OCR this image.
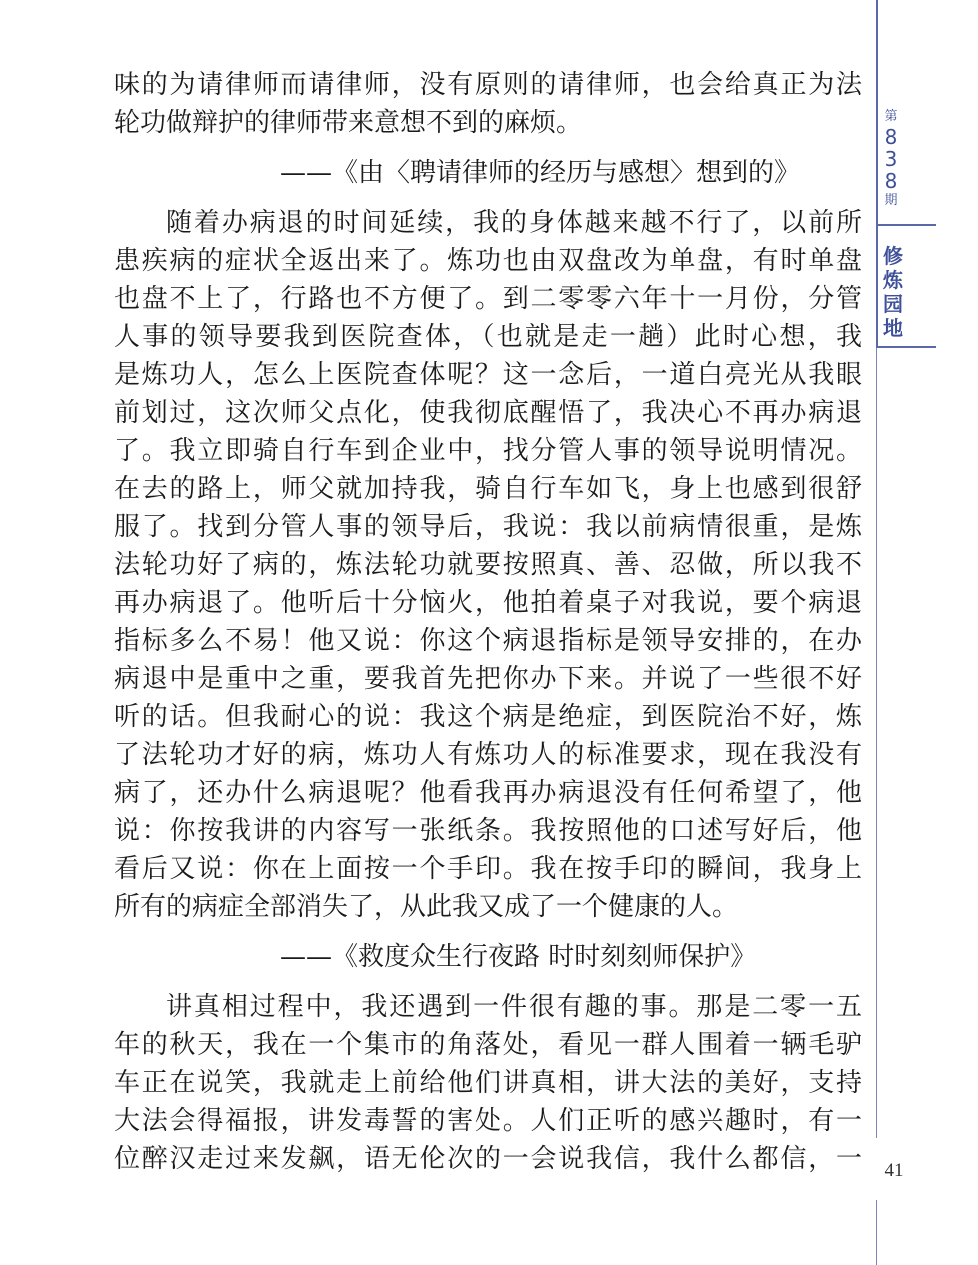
味的为请律师而请律师，没有原则的请律师，也会给真正为法
轮功做辩护的律师带来意想不到的麻烦。
——《由〈聘请律师的经历与感想〉想到的》
随着办病退的时间延续，我的身体越来越不行了，以前所
患疾病的症状全返出来了。炼功也由双盘改为单盘，有时单盘
也盘不上了，行路也不方便了。到二零零六年十一月份，分管
人事的领导要我到医院查体，（也就是走一趟）此时心想，我
是炼功人，怎么上医院查体呢？这一念后，一道白亮光从我眼
前划过，这次师父点化，使我彻底醒悟了，我决心不再办病退
了。我立即骑自行车到企业中，找分管人事的领导说明情况。
在去的路上，师父就加持我，骑自行车如飞，身上也感到很舒
服了。找到分管人事的领导后，我说：我以前病情很重，是炼
法轮功好了病的，炼法轮功就要按照真、善、忍做，所以我不
再办病退了。他听后十分恼火，他拍着桌子对我说，要个病退
指标多么不易！他又说：你这个病退指标是领导安排的，在办
病退中是重中之重，要我首先把你办下来。并说了一些很不好
听的话。但我耐心的说：我这个病是绝症，到医院治不好，炼
了法轮功才好的病，炼功人有炼功人的标准要求，现在我没有
病了，还办什么病退呢？他看我再办病退没有任何希望了，他
说：你按我讲的内容写一张纸条。我按照他的口述写好后，他
看后又说：你在上面按一个手印。我在按手印的瞬间，我身上
所有的病症全部消失了，从此我又成了一个健康的人。
——《救度众生行夜路 时时刻刻师保护》
讲真相过程中，我还遇到一件很有趣的事。那是二零一五
年的秋天，我在一个集市的角落处，看见一群人围着一辆毛驴
车正在说笑，我就走上前给他们讲真相，讲大法的美好，支持
大法会得福报，讲发毒誓的害处。人们正听的感兴趣时，有一
位醉汉走过来发飙，语无伦次的一会说我信，我什么都信，一
第
8
3
8
期
修
炼
园
地
41
